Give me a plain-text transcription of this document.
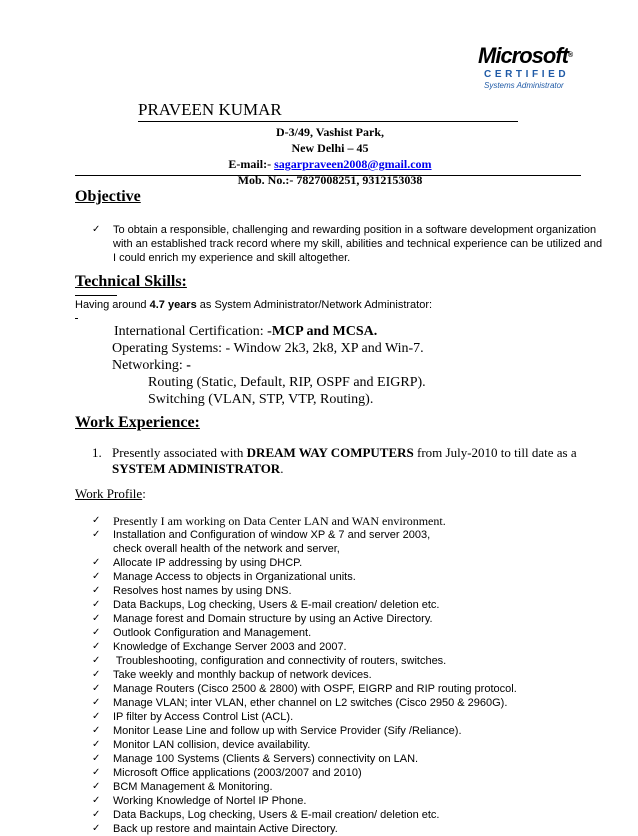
Microsoft®
CERTIFIED
Systems Administrator
PRAVEEN KUMAR
D-3/49, Vashist Park,
New Delhi – 45
E-mail:- sagarpraveen2008@gmail.com
Mob. No.:- 7827008251, 9312153038
Objective
✓ To obtain a responsible, challenging and rewarding position in a software development organization
with an established track record where my skill, abilities and technical experience can be utilized and
I could enrich my experience and skill altogether.
Technical Skills:
Having around 4.7 years as System Administrator/Network Administrator:
International Certification: -MCP and MCSA.
Operating Systems: - Window 2k3, 2k8, XP and Win-7.
Networking: -
Routing (Static, Default, RIP, OSPF and EIGRP).
Switching (VLAN, STP, VTP, Routing).
Work Experience:
1. Presently associated with DREAM WAY COMPUTERS from July-2010 to till date as a
SYSTEM ADMINISTRATOR.
Work Profile:
✓ Presently I am working on Data Center LAN and WAN environment.
✓ Installation and Configuration of window XP & 7 and server 2003, check overall health of the network and server,
✓ Allocate IP addressing by using DHCP.
✓ Manage Access to objects in Organizational units.
✓ Resolves host names by using DNS.
✓ Data Backups, Log checking, Users & E-mail creation/ deletion etc.
✓ Manage forest and Domain structure by using an Active Directory.
✓ Outlook Configuration and Management.
✓ Knowledge of Exchange Server 2003 and 2007.
✓ Troubleshooting, configuration and connectivity of routers, switches.
✓ Take weekly and monthly backup of network devices.
✓ Manage Routers (Cisco 2500 & 2800) with OSPF, EIGRP and RIP routing protocol.
✓ Manage VLAN; inter VLAN, ether channel on L2 switches (Cisco 2950 & 2960G).
✓ IP filter by Access Control List (ACL).
✓ Monitor Lease Line and follow up with Service Provider (Sify /Reliance).
✓ Monitor LAN collision, device availability.
✓ Manage 100 Systems (Clients & Servers) connectivity on LAN.
✓ Microsoft Office applications (2003/2007 and 2010)
✓ BCM Management & Monitoring.
✓ Working Knowledge of Nortel IP Phone.
✓ Data Backups, Log checking, Users & E-mail creation/ deletion etc.
✓ Back up restore and maintain Active Directory.
